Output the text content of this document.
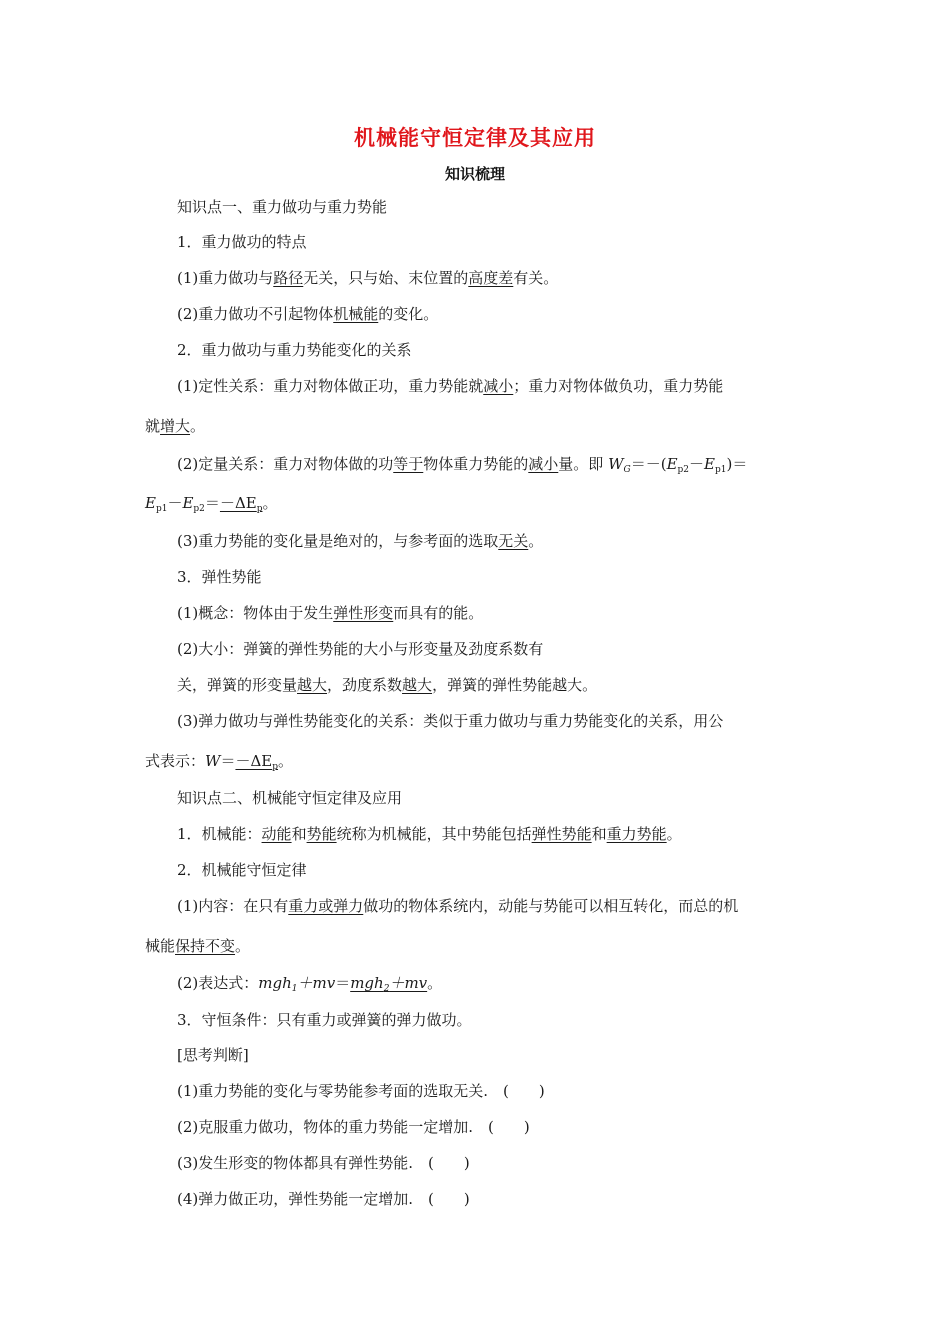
机械能守恒定律及其应用
知识梳理
知识点一、重力做功与重力势能
1．重力做功的特点
(1)重力做功与路径无关，只与始、末位置的高度差有关。
(2)重力做功不引起物体机械能的变化。
2．重力做功与重力势能变化的关系
(1)定性关系：重力对物体做正功，重力势能就减小；重力对物体做负功，重力势能
就增大。
(2)定量关系：重力对物体做的功等于物体重力势能的减小量。即 $W_G=-(E_{p2}-E_{p1})=$
$E_{p1}-E_{p2}=-\Delta E_p$。
(3)重力势能的变化量是绝对的，与参考面的选取无关。
3．弹性势能
(1)概念：物体由于发生弹性形变而具有的能。
(2)大小：弹簧的弹性势能的大小与形变量及劲度系数有
关，弹簧的形变量越大，劲度系数越大，弹簧的弹性势能越大。
(3)弹力做功与弹性势能变化的关系：类似于重力做功与重力势能变化的关系，用公
式表示：$W=-\Delta E_p$。
知识点二、机械能守恒定律及应用
1．机械能：动能和势能统称为机械能，其中势能包括弹性势能和重力势能。
2．机械能守恒定律
(1)内容：在只有重力或弹力做功的物体系统内，动能与势能可以相互转化，而总的机
械能保持不变。
(2)表达式：mgh$_1$＋mv＝mgh$_2$＋mv。
3．守恒条件：只有重力或弹簧的弹力做功。
[思考判断]
(1)重力势能的变化与零势能参考面的选取无关.　(　　)
(2)克服重力做功，物体的重力势能一定增加.　(　　)
(3)发生形变的物体都具有弹性势能.　(　　)
(4)弹力做正功，弹性势能一定增加.　(　　)
